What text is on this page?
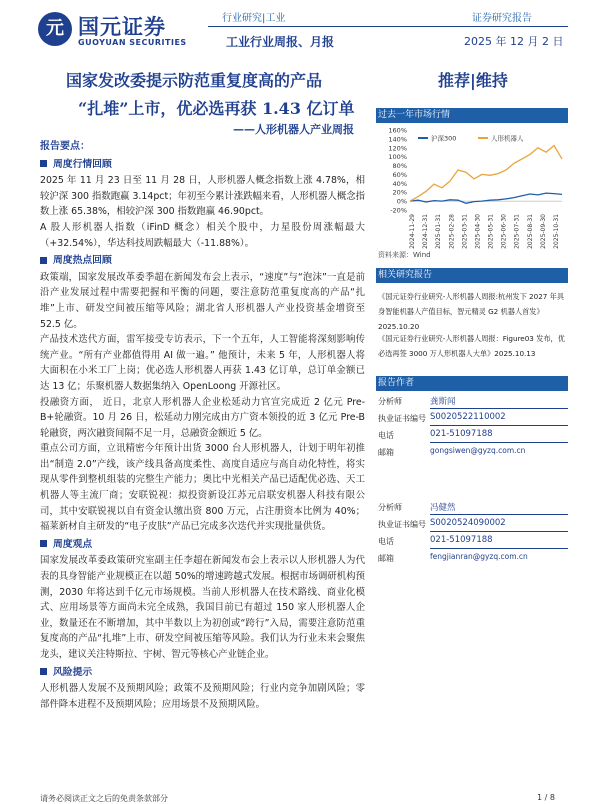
元 国元证券
GUOYUAN SECURITIES
行业研究|工业	证券研究报告
工业行业周报、月报	2025 年 12 月 2 日
国家发改委提示防范重复度高的产品
“扎堆”上市，优必选再获 1.43 亿订单
——人形机器人产业周报
推荐|维持

报告要点：

周度行情回顾

2025 年 11 月 23 日至 11 月 28 日，人形机器人概念指数上涨 4.78%，相较沪深 300 指数跑赢 3.14pct；年初至今累计涨跌幅来看，人形机器人概念指数上涨 65.38%，相较沪深 300 指数跑赢 46.90pct。

A 股人形机器人指数（iFinD 概念）相关个股中，力星股份周涨幅最大（+32.54%），华达科技周跌幅最大（-11.88%）。

周度热点回顾

政策端，国家发展改革委季超在新闻发布会上表示，“速度”与“泡沫”一直是前沿产业发展过程中需要把握和平衡的问题，要注意防范重复度高的产品“扎堆”上市、研发空间被压缩等风险；湖北省人形机器人产业投资基金增资至 52.5 亿。

产品技术迭代方面，雷军接受专访表示，下一个五年，人工智能将深刻影响传统产业。“所有产业都值得用 AI 做一遍。” 他预计，未来 5 年，人形机器人将大面积在小米工厂上岗；优必选人形机器人再获 1.43 亿订单，总订单金额已达 13 亿；乐聚机器人数据集纳入 OpenLoong 开源社区。

投融资方面， 近日，北京人形机器人企业松延动力官宣完成近 2 亿元 Pre-B+轮融资。10 月 26 日，松延动力刚完成由方广资本领投的近 3 亿元 Pre-B 轮融资，两次融资间隔不足一月，总融资金额近 5 亿。

重点公司方面，立讯精密今年预计出货 3000 台人形机器人，计划于明年初推出“制造 2.0”产线，该产线具备高度柔性、高度自适应与高自动化特性，将实现从零件到整机组装的完整生产能力；奥比中光相关产品已适配优必选、天工机器人等主流厂商；安联锐视：拟投资新设江苏元启联安机器人科技有限公司，其中安联锐视以自有资金认缴出资 800 万元，占注册资本比例为 40%；福莱新材自主研发的“电子皮肤”产品已完成多次迭代并实现批量供货。

周度观点

国家发展改革委政策研究室副主任李超在新闻发布会上表示以人形机器人为代表的具身智能产业规模正在以超 50%的增速跨越式发展。根据市场调研机构预测，2030 年将达到千亿元市场规模。当前人形机器人在技术路线、商业化模式、应用场景等方面尚未完全成熟，我国目前已有超过 150 家人形机器人企业，数量还在不断增加，其中半数以上为初创或“跨行”入局，需要注意防范重复度高的产品“扎堆”上市、研发空间被压缩等风险。我们认为行业未来会聚焦龙头，建议关注特斯拉、宇树、智元等核心产业链企业。

风险提示

人形机器人发展不及预期风险；政策不及预期风险；行业内竞争加剧风险；零部件降本进程不及预期风险；应用场景不及预期风险。

过去一年市场行情
160%
140%
120%
100%
80%
60%
40%
20%
0%
-20%
2024-11-29 2024-12-31 2025-01-31 2025-02-28 2025-03-31 2025-04-30 2025-05-31 2025-06-30 2025-07-31 2025-08-31 2025-09-30 2025-10-31
沪深300	人形机器人
资料来源：Wind
相关研究报告
《国元证券行业研究-人形机器人周报:杭州发下 2027 年具身智能机器人产值目标，智元精灵 G2 机器人首发》2025.10.20
《国元证券行业研究-人形机器人周报：Figure03 发布，优必选再签 3000 万人形机器人大单》2025.10.13
报告作者
分析师	龚斯闻
执业证书编号 S0020522110002
电话	021-51097188
邮箱	gongsiwen@gyzq.com.cn
分析师	冯健然
执业证书编号 S0020524090002
电话	021-51097188
邮箱	fengjianran@gyzq.com.cn
请务必阅读正文之后的免责条款部分	1 / 8
